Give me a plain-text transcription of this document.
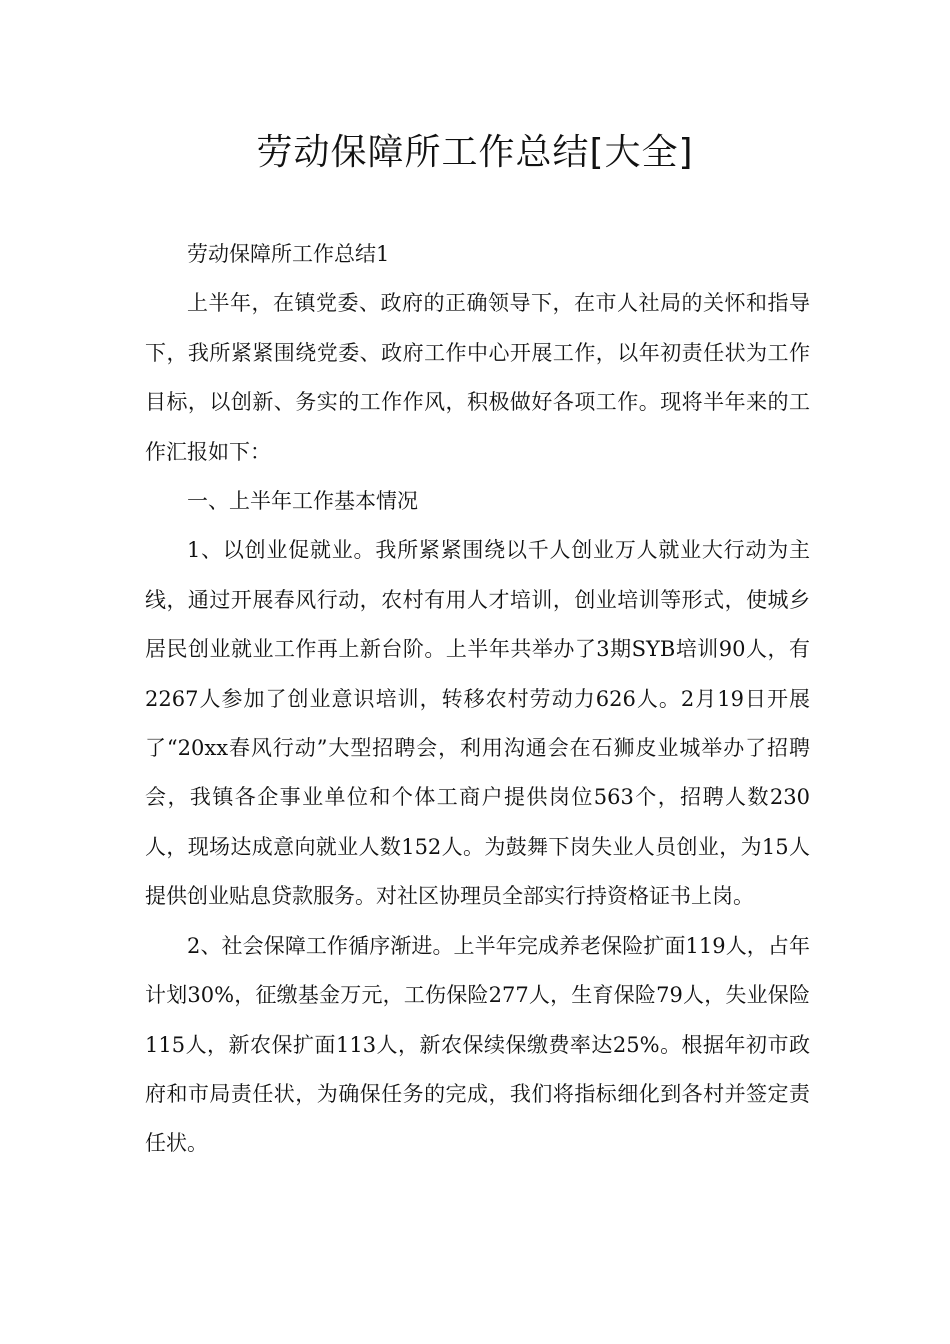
劳动保障所工作总结[大全]

劳动保障所工作总结1

上半年，在镇党委、政府的正确领导下，在市人社局的关怀和指导下，我所紧紧围绕党委、政府工作中心开展工作，以年初责任状为工作目标，以创新、务实的工作作风，积极做好各项工作。现将半年来的工作汇报如下：

一、上半年工作基本情况

1、以创业促就业。我所紧紧围绕以千人创业万人就业大行动为主线，通过开展春风行动，农村有用人才培训，创业培训等形式，使城乡居民创业就业工作再上新台阶。上半年共举办了3期SYB培训90人，有2267人参加了创业意识培训，转移农村劳动力626人。2月19日开展了“20xx春风行动”大型招聘会，利用沟通会在石狮皮业城举办了招聘会，我镇各企事业单位和个体工商户提供岗位563个，招聘人数230人，现场达成意向就业人数152人。为鼓舞下岗失业人员创业，为15人提供创业贴息贷款服务。对社区协理员全部实行持资格证书上岗。

2、社会保障工作循序渐进。上半年完成养老保险扩面119人，占年计划30%，征缴基金万元，工伤保险277人，生育保险79人，失业保险115人，新农保扩面113人，新农保续保缴费率达25%。根据年初市政府和市局责任状，为确保任务的完成，我们将指标细化到各村并签定责任状。
